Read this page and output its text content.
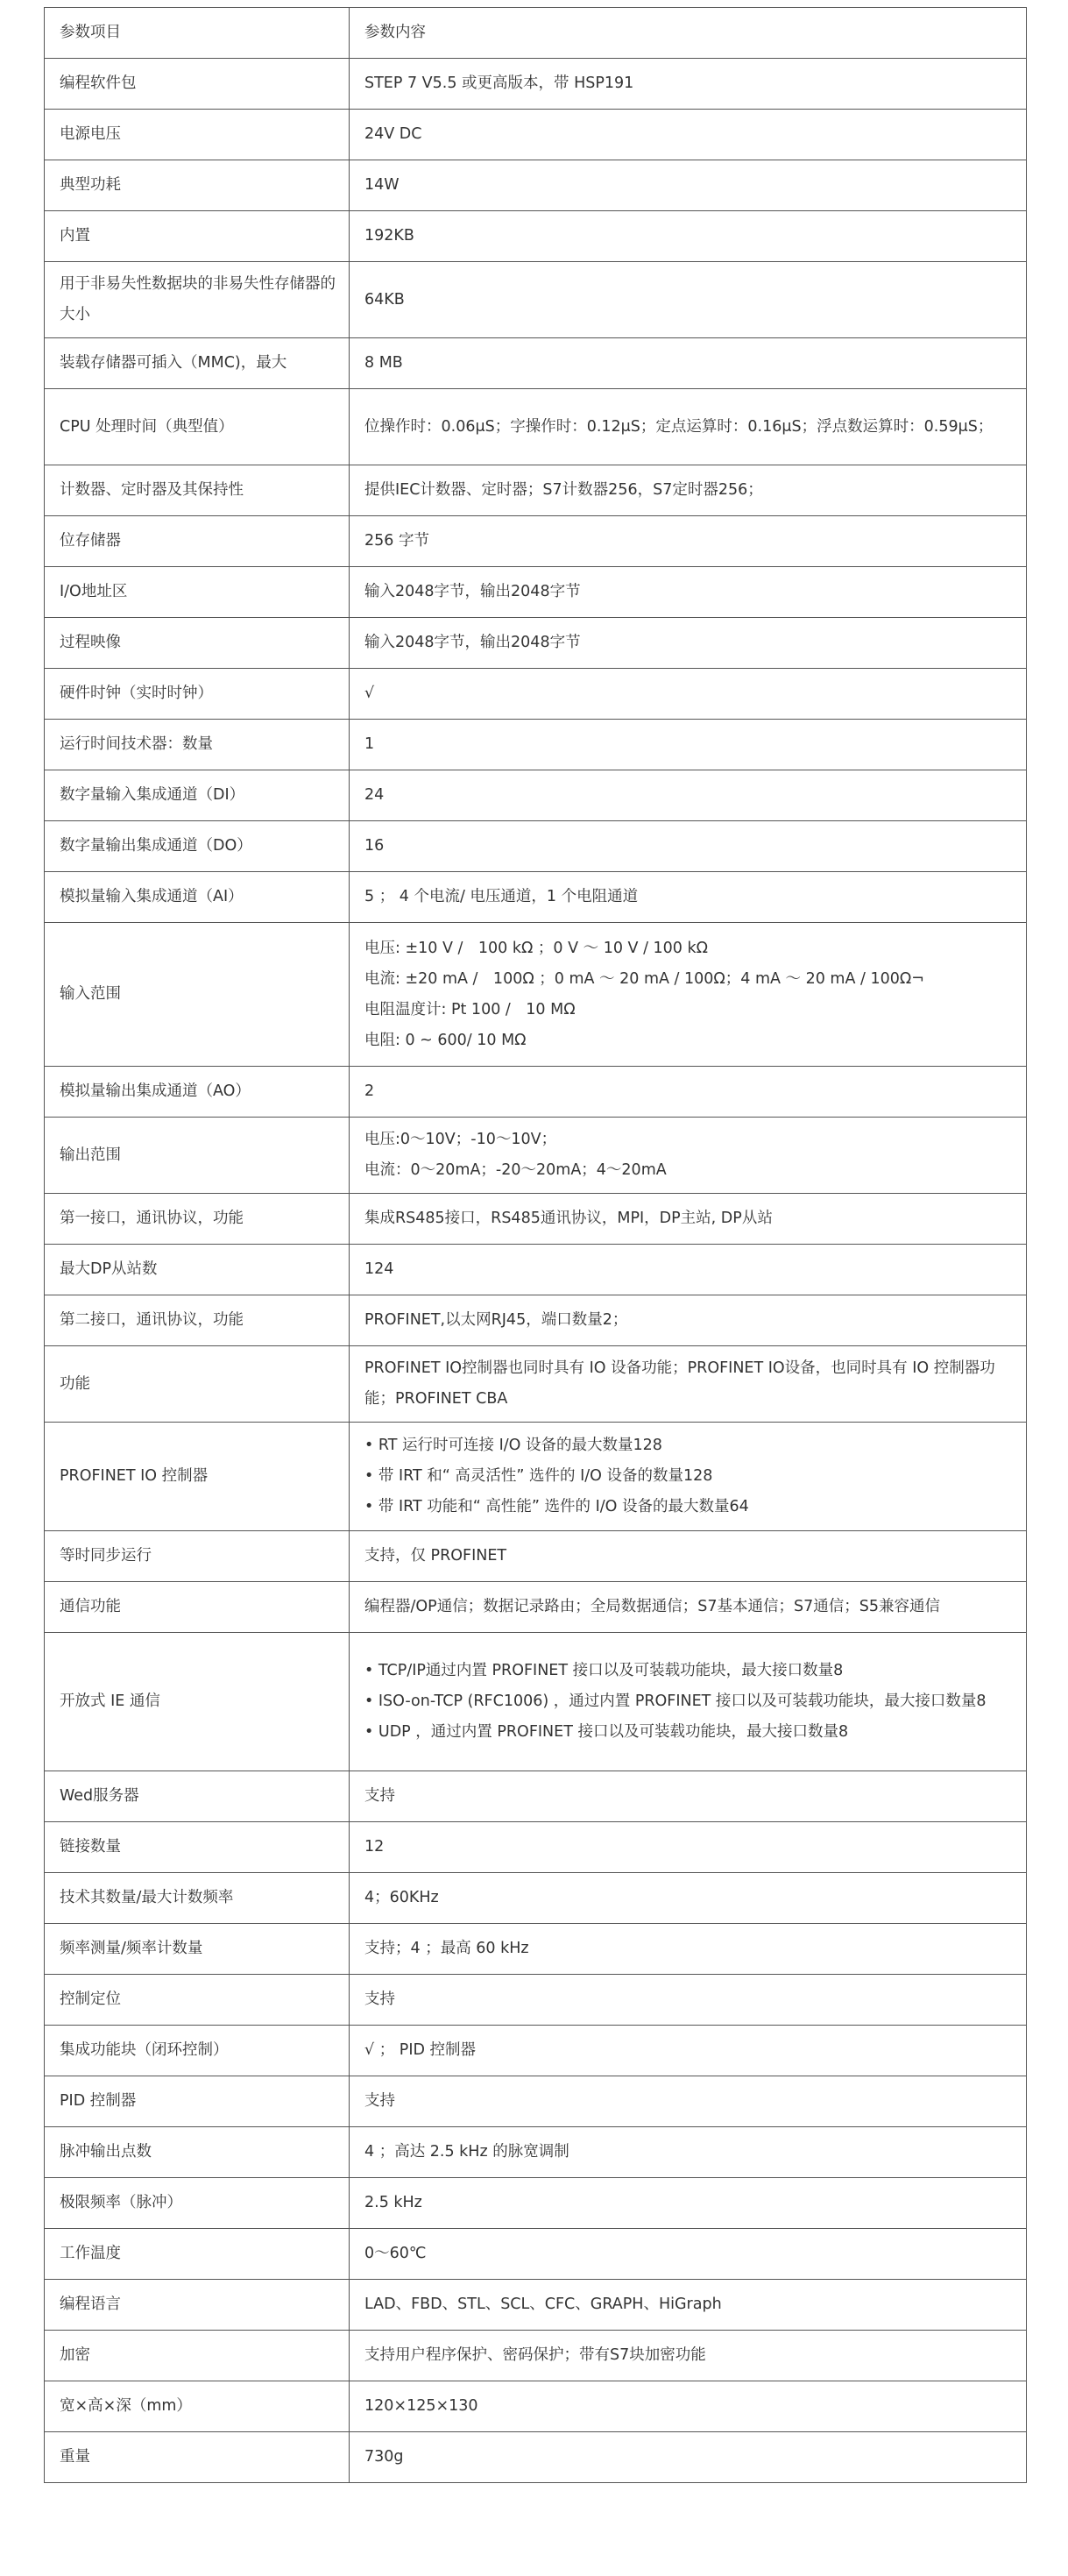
参数项目	参数内容
编程软件包	STEP 7 V5.5 或更高版本，带 HSP191

电源电压	24V DC

典型功耗	14W

内置	192KB

用于非易失性数据块的非易失性存储器的大小	64KB

装载存储器可插入（MMC)，最大	8 MB

CPU 处理时间（典型值）	位操作时：0.06μS；字操作时：0.12μS；定点运算时：0.16μS；浮点数运算时：0.59μS；

计数器、定时器及其保持性	提供IEC计数器、定时器；S7计数器256，S7定时器256；

位存储器	256 字节

I/O地址区	输入2048字节，输出2048字节

过程映像	输入2048字节，输出2048字节

硬件时钟（实时时钟）	√

运行时间技术器：数量	1

数字量输入集成通道（DI）	24

数字量输出集成通道（DO）	16

模拟量输入集成通道（AI）	5 ； 4 个电流/ 电压通道，1 个电阻通道

输入范围	电压: ±10 V /　100 kΩ ；0 V ～ 10 V / 100 kΩ
电流: ±20 mA /　100Ω ；0 mA ～ 20 mA / 100Ω；4 mA ～ 20 mA / 100Ω¬
电阻温度计: Pt 100 /　10 MΩ
电阻: 0 ~ 600/ 10 MΩ

模拟量输出集成通道（AO）	2

输出范围	电压:0～10V；-10～10V；
电流：0～20mA；-20～20mA；4～20mA

第一接口，通讯协议，功能	集成RS485接口，RS485通讯协议，MPI，DP主站, DP从站

最大DP从站数	124

第二接口，通讯协议，功能	PROFINET,以太网RJ45，端口数量2；

功能	PROFINET IO控制器也同时具有 IO 设备功能；PROFINET IO设备，也同时具有 IO 控制器功能；PROFINET CBA

PROFINET IO 控制器	• RT 运行时可连接 I/O 设备的最大数量128
• 带 IRT 和“ 高灵活性” 选件的 I/O 设备的数量128
• 带 IRT 功能和“ 高性能” 选件的 I/O 设备的最大数量64

等时同步运行	支持，仅 PROFINET

通信功能	编程器/OP通信；数据记录路由；全局数据通信；S7基本通信；S7通信；S5兼容通信

开放式 IE 通信	• TCP/IP通过内置 PROFINET 接口以及可装载功能块，最大接口数量8
• ISO-on-TCP (RFC1006) ，通过内置 PROFINET 接口以及可装载功能块，最大接口数量8
• UDP ，通过内置 PROFINET 接口以及可装载功能块，最大接口数量8

Wed服务器	支持

链接数量	12

技术其数量/最大计数频率	4；60KHz

频率测量/频率计数量	支持；4 ；最高 60 kHz

控制定位	支持

集成功能块（闭环控制）	√ ； PID 控制器

PID 控制器	支持

脉冲输出点数	4 ；高达 2.5 kHz 的脉宽调制

极限频率（脉冲）	2.5 kHz

工作温度	0～60℃

编程语言	LAD、FBD、STL、SCL、CFC、GRAPH、HiGraph

加密	支持用户程序保护、密码保护；带有S7块加密功能

宽×高×深（mm）	120×125×130

重量	730g
